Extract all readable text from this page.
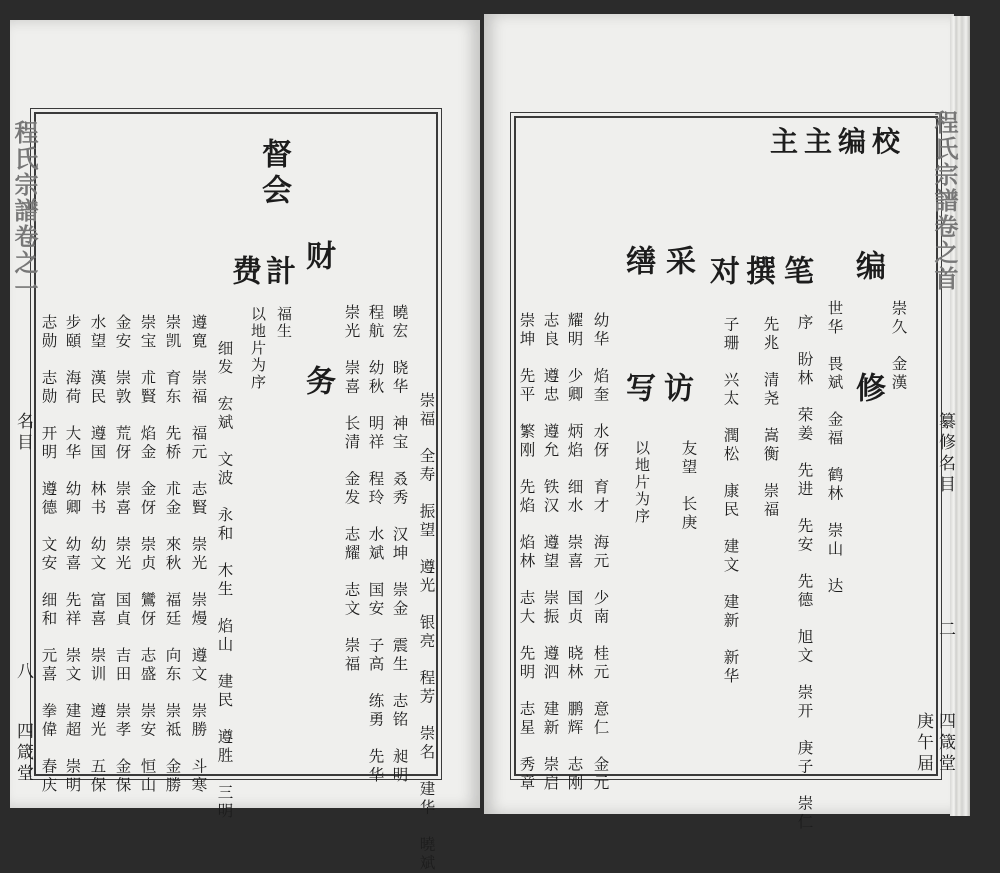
督会
财
务
計
费
福生
以地片为序
崇福　全寿　振望　遵光　银亮　程芳　崇名　建华　曉斌
曉宏　晓华　神宝　叒秀　汉坤　崇金　震生　志铭　昶明
程航　幼秋　明祥　程玲　水斌　国安　子高　练勇　先华
崇光　崇喜　长清　金发　志耀　志文　崇福
细发　宏斌　文波　永和　木生　焰山　建民　遵胜　三明
遵寛　崇福　福元　志賢　崇光　崇熳　遵文　崇勝　斗寒
崇凯　育东　先桥　朮金　來秋　福廷　向东　崇祗　金勝
崇宝　朮賢　焰金　金伢　崇贞　鸞伢　志盛　崇安　恒山
金安　崇敦　荒伢　崇喜　崇光　国貞　吉田　崇孝　金保
水望　漢民　遵国　林书　幼文　富喜　崇训　遵光　五保
步頤　海荷　大华　幼卿　幼喜　先祥　崇文　建超　崇明
志勋　志勋　开明　遵德　文安　细和　元喜　拳偉　春庆
程氏宗譜卷之一
名目
八
四箴堂
主主编校
编
修
笔
撰
对
采
访
缮
写	崇久　金漢
世华　畏斌　金福　鹤林　崇山　达
序　盼林　荣姜　先进　先安　先德　旭文　崇开　庚子　崇仁
先兆　清尧　嵩衡　崇福
子珊　兴太　潤松　康民　建文　建新　新华
以地片为序 友望　长庚
幼华　焰奎　水伢　育才　海元　少南　桂元　意仁　金元
耀明　少卿　炳焰　细水　崇喜　国贞　晓林　鹏辉　志刚
志良　遵忠　遵允　铁汉　遵望　崇振　遵泗　建新　崇启
崇坤　先平　繁刚　先焰　焰林　志大　先明　志星　秀章
程氏宗譜卷之首
纂修名目
二
四箴堂
庚午届
